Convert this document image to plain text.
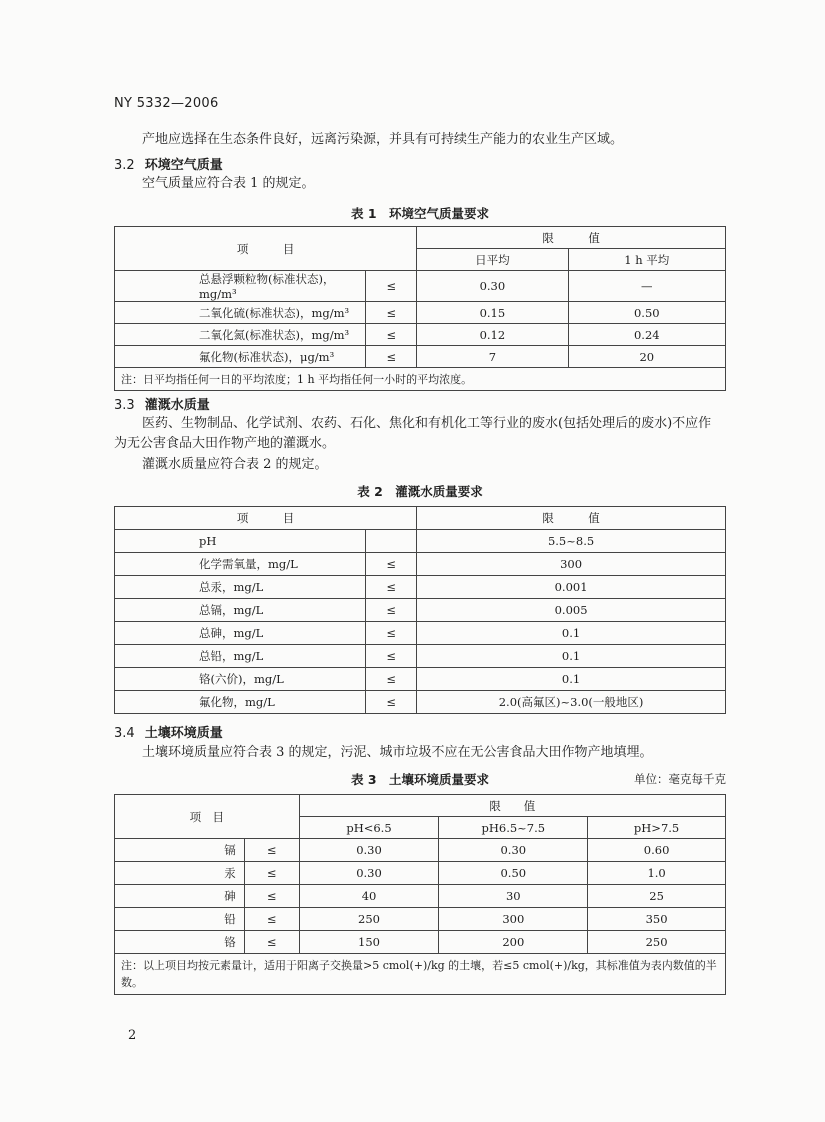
NY 5332—2006
产地应选择在生态条件良好，远离污染源，并具有可持续生产能力的农业生产区域。
3.2 环境空气质量
空气质量应符合表 1 的规定。
表 1　环境空气质量要求
项　　　目		限　　　值	
		日平均	1 h 平均
总悬浮颗粒物(标准状态)，mg/m³	≤	0.30	—
二氧化硫(标准状态)，mg/m³	≤	0.15	0.50
二氧化氮(标准状态)，mg/m³	≤	0.12	0.24
氟化物(标准状态)，μg/m³	≤	7	20
注：日平均指任何一日的平均浓度；1 h 平均指任何一小时的平均浓度。			
3.3 灌溉水质量
医药、生物制品、化学试剂、农药、石化、焦化和有机化工等行业的废水(包括处理后的废水)不应作
为无公害食品大田作物产地的灌溉水。
灌溉水质量应符合表 2 的规定。
表 2　灌溉水质量要求
项　　　目		限　　　值
pH		5.5~8.5
化学需氧量，mg/L	≤	300
总汞，mg/L	≤	0.001
总镉，mg/L	≤	0.005
总砷，mg/L	≤	0.1
总铅，mg/L	≤	0.1
铬(六价)，mg/L	≤	0.1
氟化物，mg/L	≤	2.0(高氟区)~3.0(一般地区)
3.4 土壤环境质量
土壤环境质量应符合表 3 的规定，污泥、城市垃圾不应在无公害食品大田作物产地填埋。
表 3　土壤环境质量要求	单位：毫克每千克
项　目		限　　值		
		pH<6.5	pH6.5~7.5	pH>7.5
镉	≤	0.30	0.30	0.60
汞	≤	0.30	0.50	1.0
砷	≤	40	30	25
铅	≤	250	300	350
铬	≤	150	200	250
注：以上项目均按元素量计，适用于阳离子交换量>5 cmol(+)/kg 的土壤，若≤5 cmol(+)/kg，其标准值为表内数值的半数。				
2
